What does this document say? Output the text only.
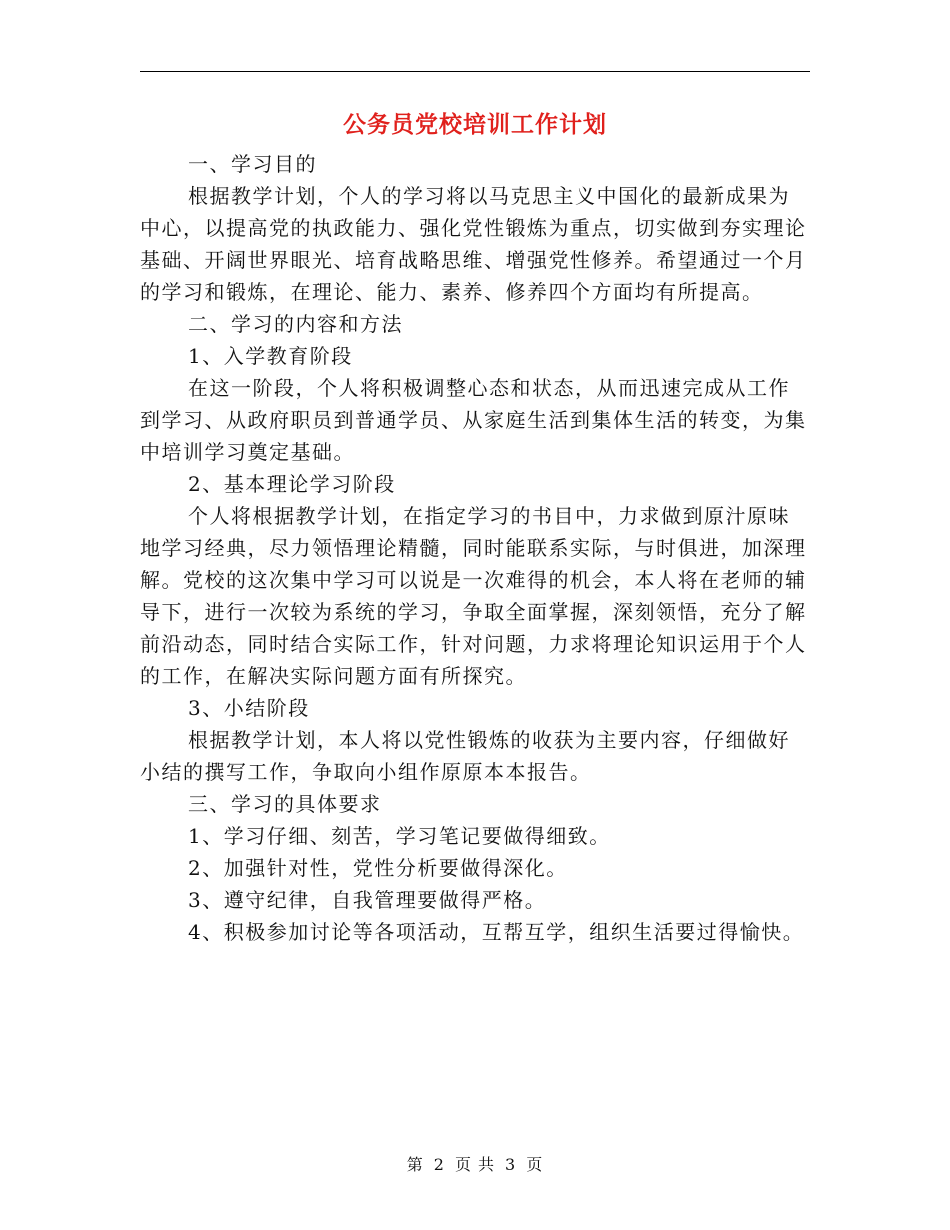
公务员党校培训工作计划

一、学习目的

根据教学计划，个人的学习将以马克思主义中国化的最新成果为中心，以提高党的执政能力、强化党性锻炼为重点，切实做到夯实理论基础、开阔世界眼光、培育战略思维、增强党性修养。希望通过一个月的学习和锻炼，在理论、能力、素养、修养四个方面均有所提高。

二、学习的内容和方法

1、入学教育阶段

在这一阶段，个人将积极调整心态和状态，从而迅速完成从工作到学习、从政府职员到普通学员、从家庭生活到集体生活的转变，为集中培训学习奠定基础。

2、基本理论学习阶段

个人将根据教学计划，在指定学习的书目中，力求做到原汁原味地学习经典，尽力领悟理论精髓，同时能联系实际，与时俱进，加深理解。党校的这次集中学习可以说是一次难得的机会，本人将在老师的辅导下，进行一次较为系统的学习，争取全面掌握，深刻领悟，充分了解前沿动态，同时结合实际工作，针对问题，力求将理论知识运用于个人的工作，在解决实际问题方面有所探究。

3、小结阶段

根据教学计划，本人将以党性锻炼的收获为主要内容，仔细做好小结的撰写工作，争取向小组作原原本本报告。

三、学习的具体要求

1、学习仔细、刻苦，学习笔记要做得细致。

2、加强针对性，党性分析要做得深化。

3、遵守纪律，自我管理要做得严格。

4、积极参加讨论等各项活动，互帮互学，组织生活要过得愉快。

第 2 页 共 3 页
